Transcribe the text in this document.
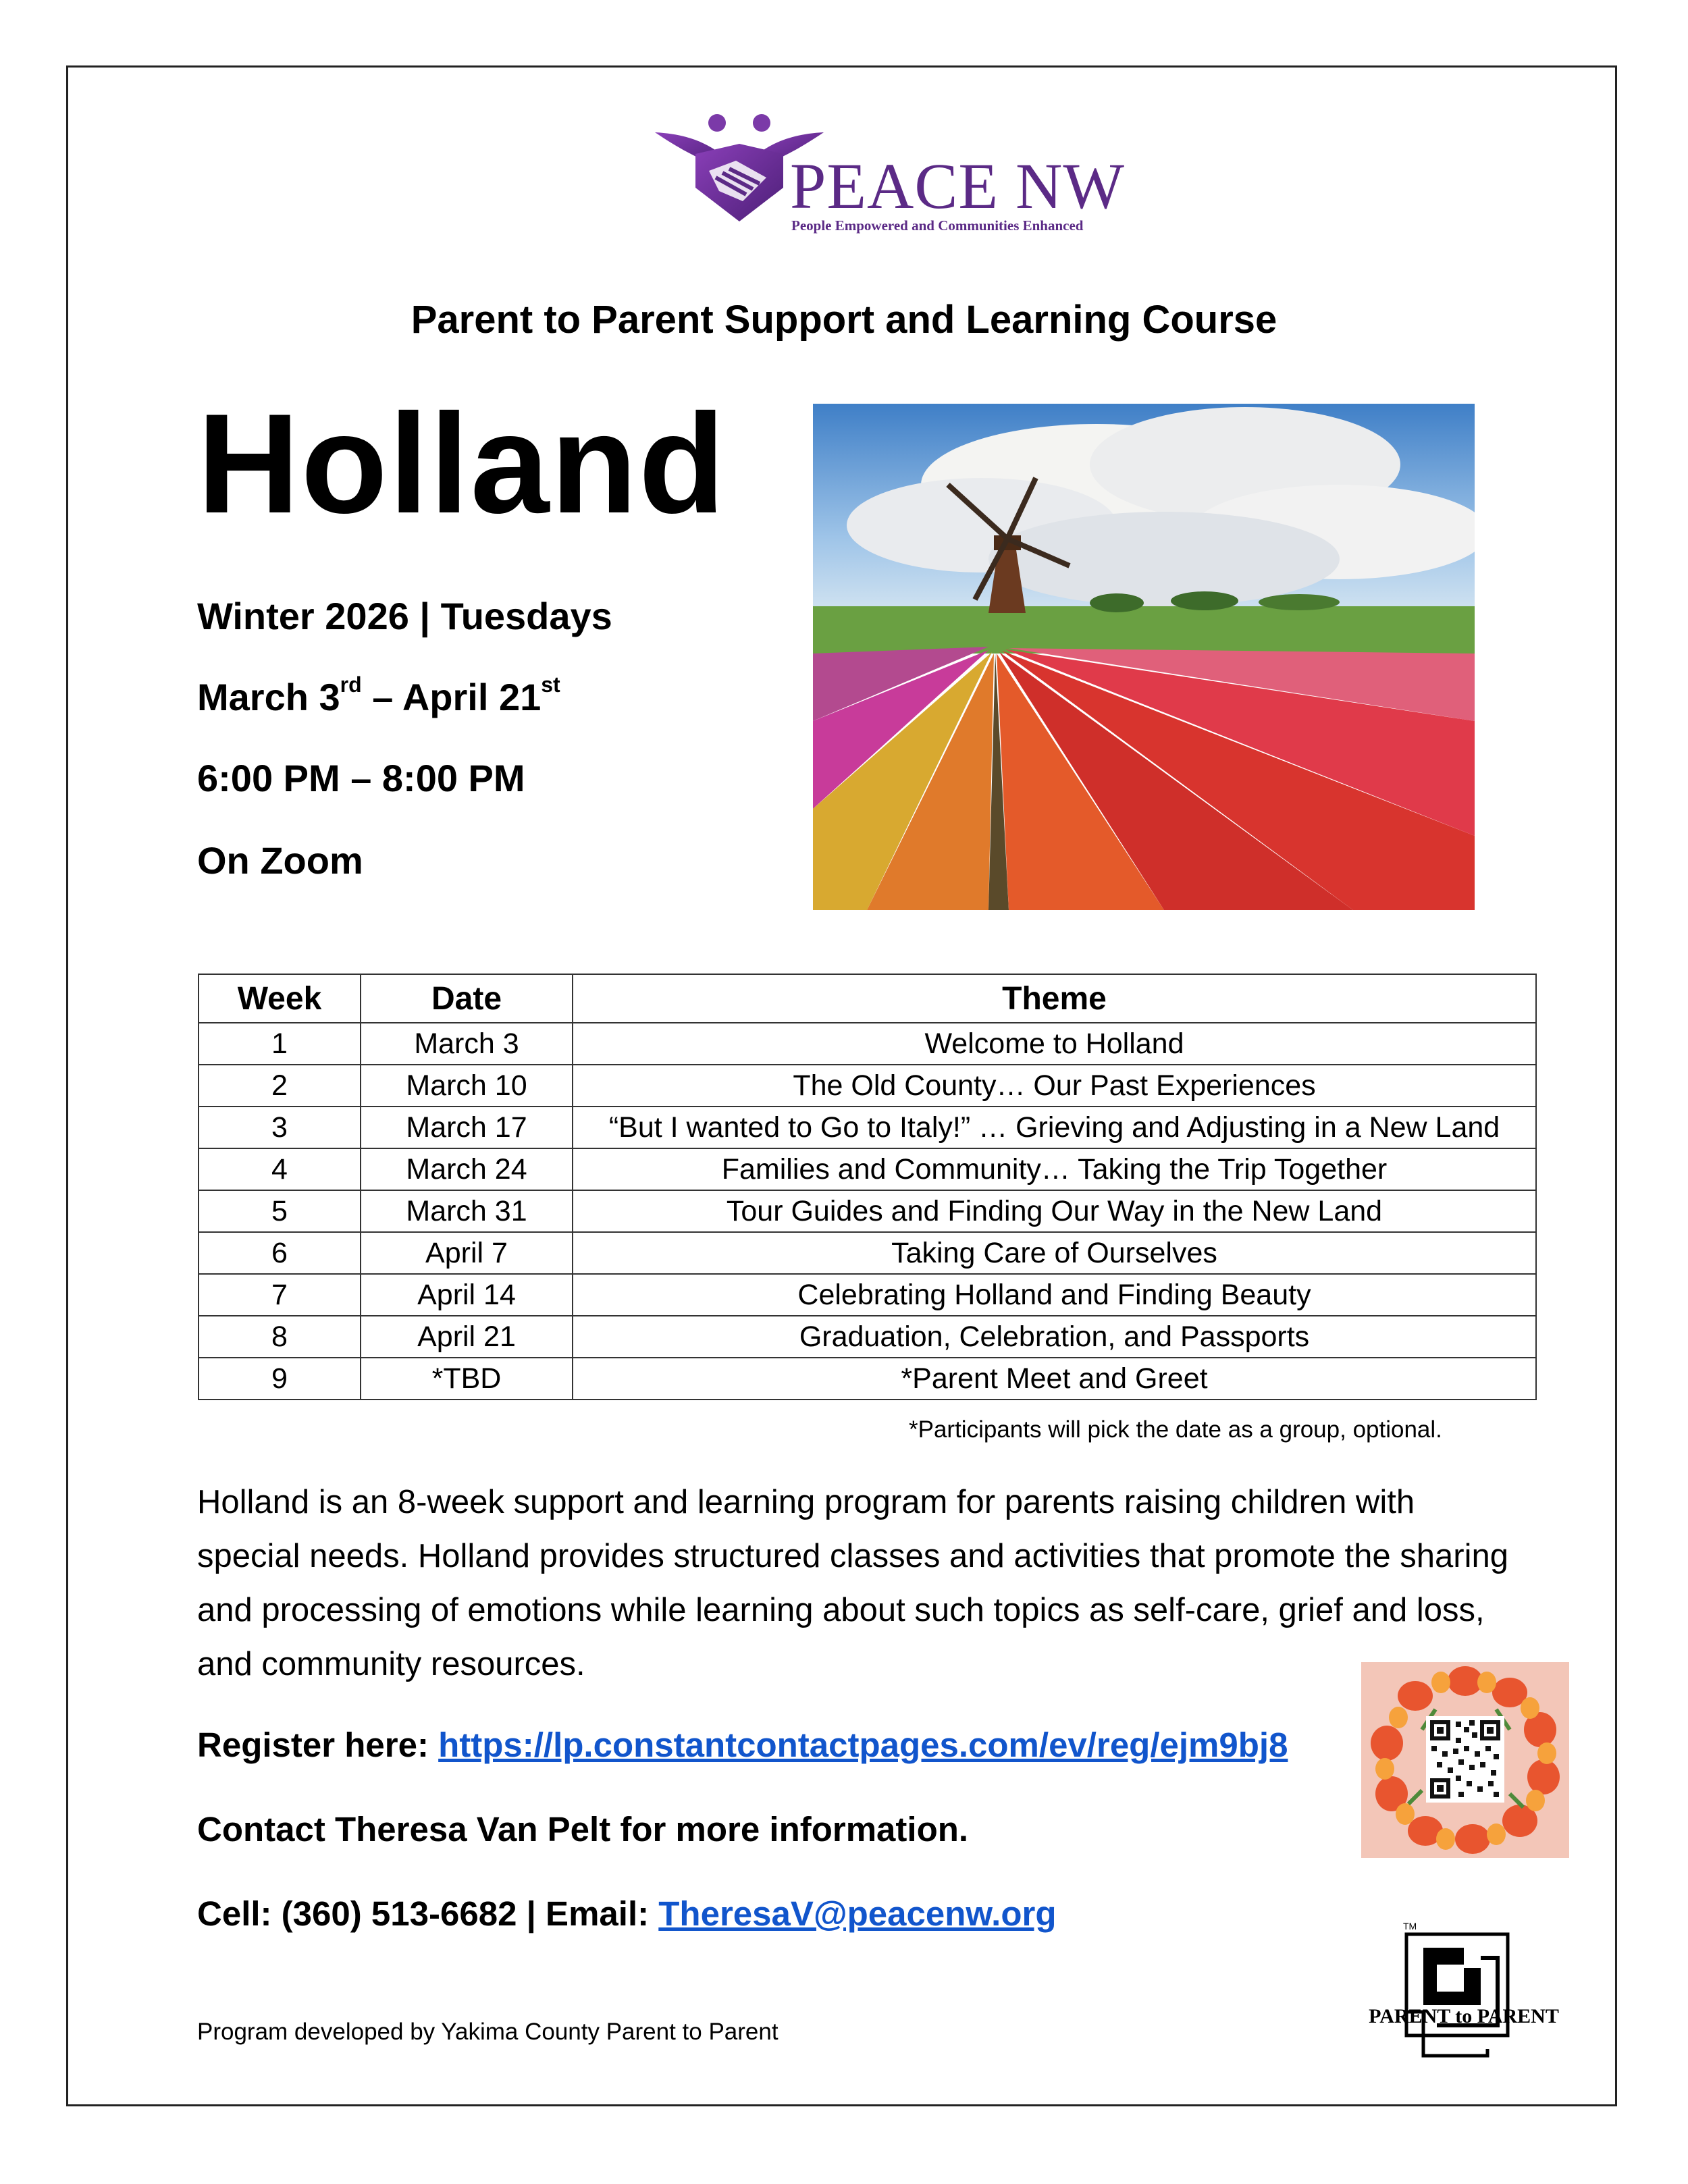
PEACE NW
People Empowered and Communities Enhanced
Parent to Parent Support and Learning Course
Holland
Winter 2026 | Tuesdays
March 3rd – April 21st
6:00 PM – 8:00 PM
On Zoom
Week	Date	Theme
1	March 3	Welcome to Holland
2	March 10	The Old County… Our Past Experiences
3	March 17	“But I wanted to Go to Italy!” … Grieving and Adjusting in a New Land
4	March 24	Families and Community… Taking the Trip Together
5	March 31	Tour Guides and Finding Our Way in the New Land
6	April 7	Taking Care of Ourselves
7	April 14	Celebrating Holland and Finding Beauty
8	April 21	Graduation, Celebration, and Passports
9	*TBD	*Parent Meet and Greet
*Participants will pick the date as a group, optional.
Holland is an 8-week support and learning program for parents raising children with special needs. Holland provides structured classes and activities that promote the sharing and processing of emotions while learning about such topics as self-care, grief and loss, and community resources.
Register here: https://lp.constantcontactpages.com/ev/reg/ejm9bj8
Contact Theresa Van Pelt for more information.
Cell: (360) 513-6682 | Email: TheresaV@peacenw.org
Program developed by Yakima County Parent to Parent
TM
PARENT to PARENT
